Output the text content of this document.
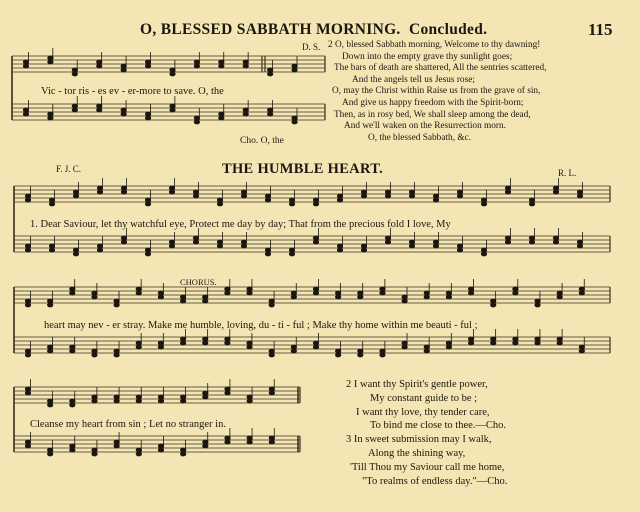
O, BLESSED SABBATH MORNING. Concluded.	115
D. S.
Vic - tor ris - es ev - er-more to save. O, the
Cho. O, the
2 O, blessed Sabbath morning, Welcome to thy dawning!
Down into the empty grave thy sunlight goes;
The bars of death are shattered, All the sentries scattered,
And the angels tell us Jesus rose;
O, may the Christ within Raise us from the grave of sin,
And give us happy freedom with the Spirit-born;
Then, as in rosy bed, We shall sleep among the dead,
And we'll waken on the Resurrection morn.
O, the blessed Sabbath, &c.
F. J. C.	THE HUMBLE HEART.	R. L.
CHORUS.
1. Dear Saviour, let thy watchful eye, Protect me day by day; That from the precious fold I love, My
heart may nev - er stray. Make me humble, loving, du - ti - ful ; Make thy home within me beauti - ful ;
Cleanse my heart from sin ; Let no stranger in.
2 I want thy Spirit's gentle power,
My constant guide to be ;
I want thy love, thy tender care,
To bind me close to thee.—Cho.
3 In sweet submission may I walk,
Along the shining way,
'Till Thou my Saviour call me home,
"To realms of endless day."—Cho.
